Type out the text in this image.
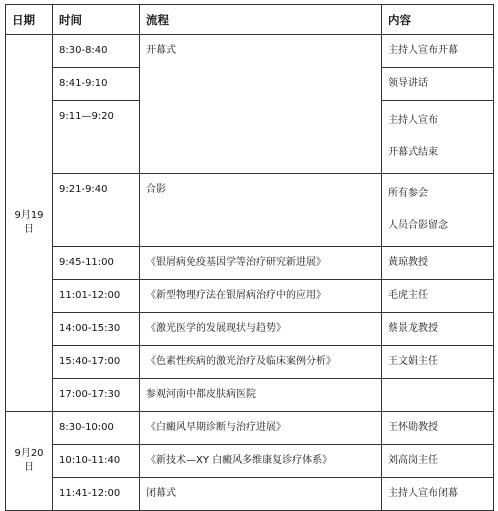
日期	时间	流程	内容

9月19
日	8:30-8:40	开幕式	主持人宣布开幕

	8:41-9:10		领导讲话

	9:11—9:20		主持人宣布
开幕式结束

	9:21-9:40	合影	所有参会
人员合影留念

	9:45-11:00	《银屑病免疫基因学等治疗研究新进展》	黄琼教授

	11:01-12:00	《新型物理疗法在银屑病治疗中的应用》	毛虎主任

	14:00-15:30	《激光医学的发展现状与趋势》	蔡景龙教授

	15:40-17:00	《色素性疾病的激光治疗及临床案例分析》	王文娟主任

	17:00-17:30	参观河南中都皮肤病医院	

9月20
日	8:30-10:00	《白癜风早期诊断与治疗进展》	王怀勋教授

	10:10-11:40	《新技术—XY 白癜风多维康复诊疗体系》	刘高岗主任

	11:41-12:00	闭幕式	主持人宣布闭幕
